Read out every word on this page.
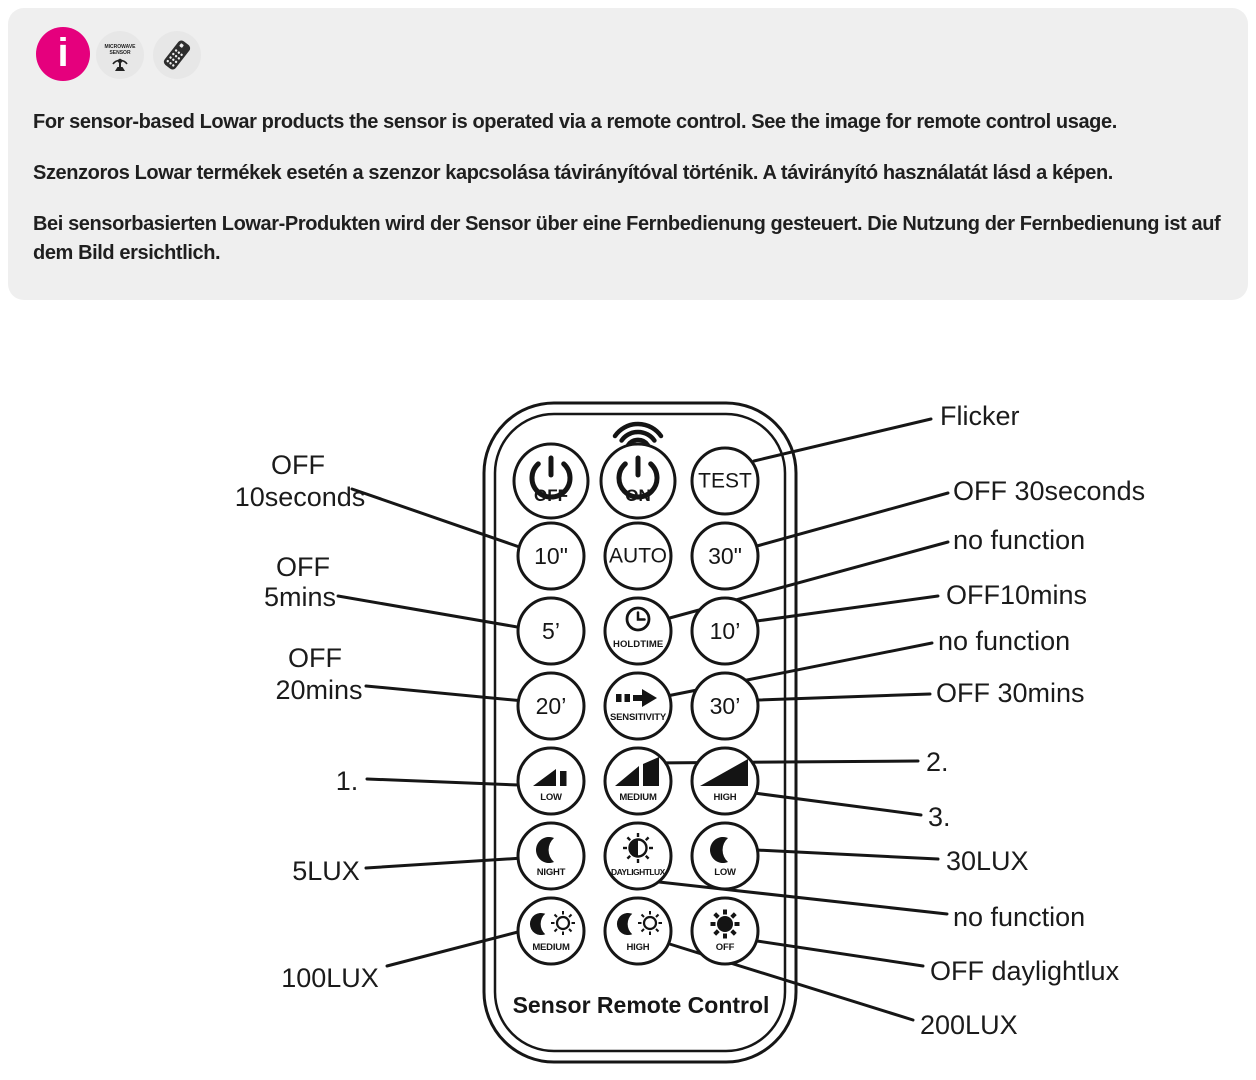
i	MICROWAVE
SENSOR
For sensor-based Lowar products the sensor is operated via a remote control. See the image for remote control usage.
Szenzoros Lowar termékek esetén a szenzor kapcsolása távirányítóval történik. A távirányító használatát lásd a képen.
Bei sensorbasierten Lowar-Produkten wird der Sensor über eine Fernbedienung gesteuert. Die Nutzung der Fernbedienung ist auf dem Bild ersichtlich.
OFF	ON
TEST
10" AUTO 30"
5’
HOLDTIME
10’
20’	SENSITIVITY 30’
LOW	MEDIUM	HIGH
NIGHT	DAYLIGHTLUX	LOW
MEDIUM	HIGH	OFF
Sensor Remote Control
OFF
10seconds
OFF
5mins
OFF
20mins
1.
5LUX
100LUX
Flicker
OFF 30seconds
no function
OFF10mins
no function
OFF 30mins
2.
3.
30LUX
no function
OFF daylightlux
200LUX
